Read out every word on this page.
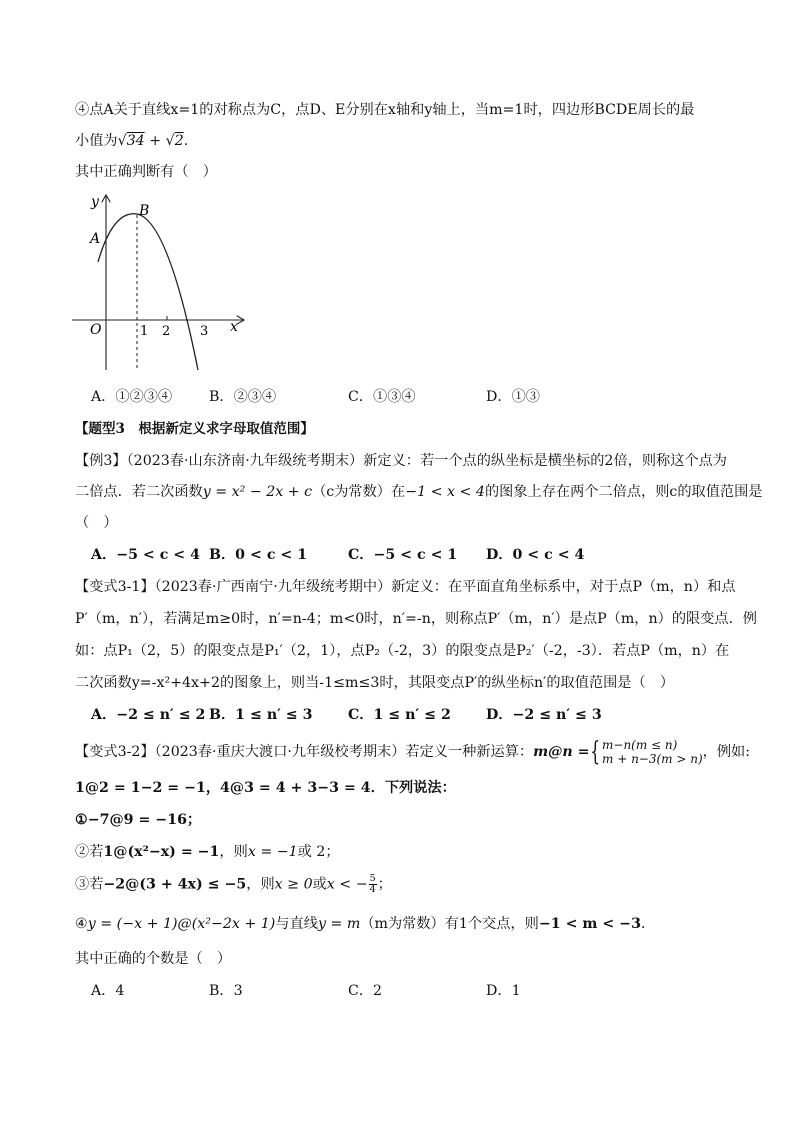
④点A关于直线x=1的对称点为C，点D、E分别在x轴和y轴上，当m=1时，四边形BCDE周长的最
小值为√34 + √2.
其中正确判断有（　）
y
x
O
A
B
1 2 3
A．①②③④	B．②③④	C．①③④	D．①③
【题型3　根据新定义求字母取值范围】
【例3】（2023春·山东济南·九年级统考期末）新定义：若一个点的纵坐标是横坐标的2倍，则称这个点为
二倍点．若二次函数y = x² − 2x + c（c为常数）在−1 < x < 4的图象上存在两个二倍点，则c的取值范围是
（　）
A．−5 < c < 4 B．0 < c < 1	C．−5 < c < 1 D．0 < c < 4
【变式3-1】（2023春·广西南宁·九年级统考期中）新定义：在平面直角坐标系中，对于点P（m，n）和点
P′（m，n′），若满足m≥0时，n′=n-4；m<0时，n′=-n，则称点P′（m，n′）是点P（m，n）的限变点．例
如：点P₁（2，5）的限变点是P₁′（2，1），点P₂（-2，3）的限变点是P₂′（-2，-3）．若点P（m，n）在
二次函数y=-x²+4x+2的图象上，则当-1≤m≤3时，其限变点P′的纵坐标n′的取值范围是（　）
A．−2 ≤ n′ ≤ 2 B．1 ≤ n′ ≤ 3 C．1 ≤ n′ ≤ 2 D．−2 ≤ n′ ≤ 3
【变式3-2】（2023春·重庆大渡口·九年级校考期末）若定义一种新运算：m@n ={ m−n(m ≤ n)
m + n−3(m > n) ，例如:
1@2 = 1−2 = −1，4@3 = 4 + 3−3 = 4．下列说法：
①−7@9 = −16；
②若1@(x²−x) = −1，则x = −1或 2；
③若−2@(3 + 4x) ≤ −5，则x ≥ 0或x < − $\frac{5}{4}$ ；
④y = (−x + 1)@(x²−2x + 1)与直线y = m（m为常数）有1个交点，则−1 < m < −3．
其中正确的个数是（　）
A．4	B．3	C．2	D．1
